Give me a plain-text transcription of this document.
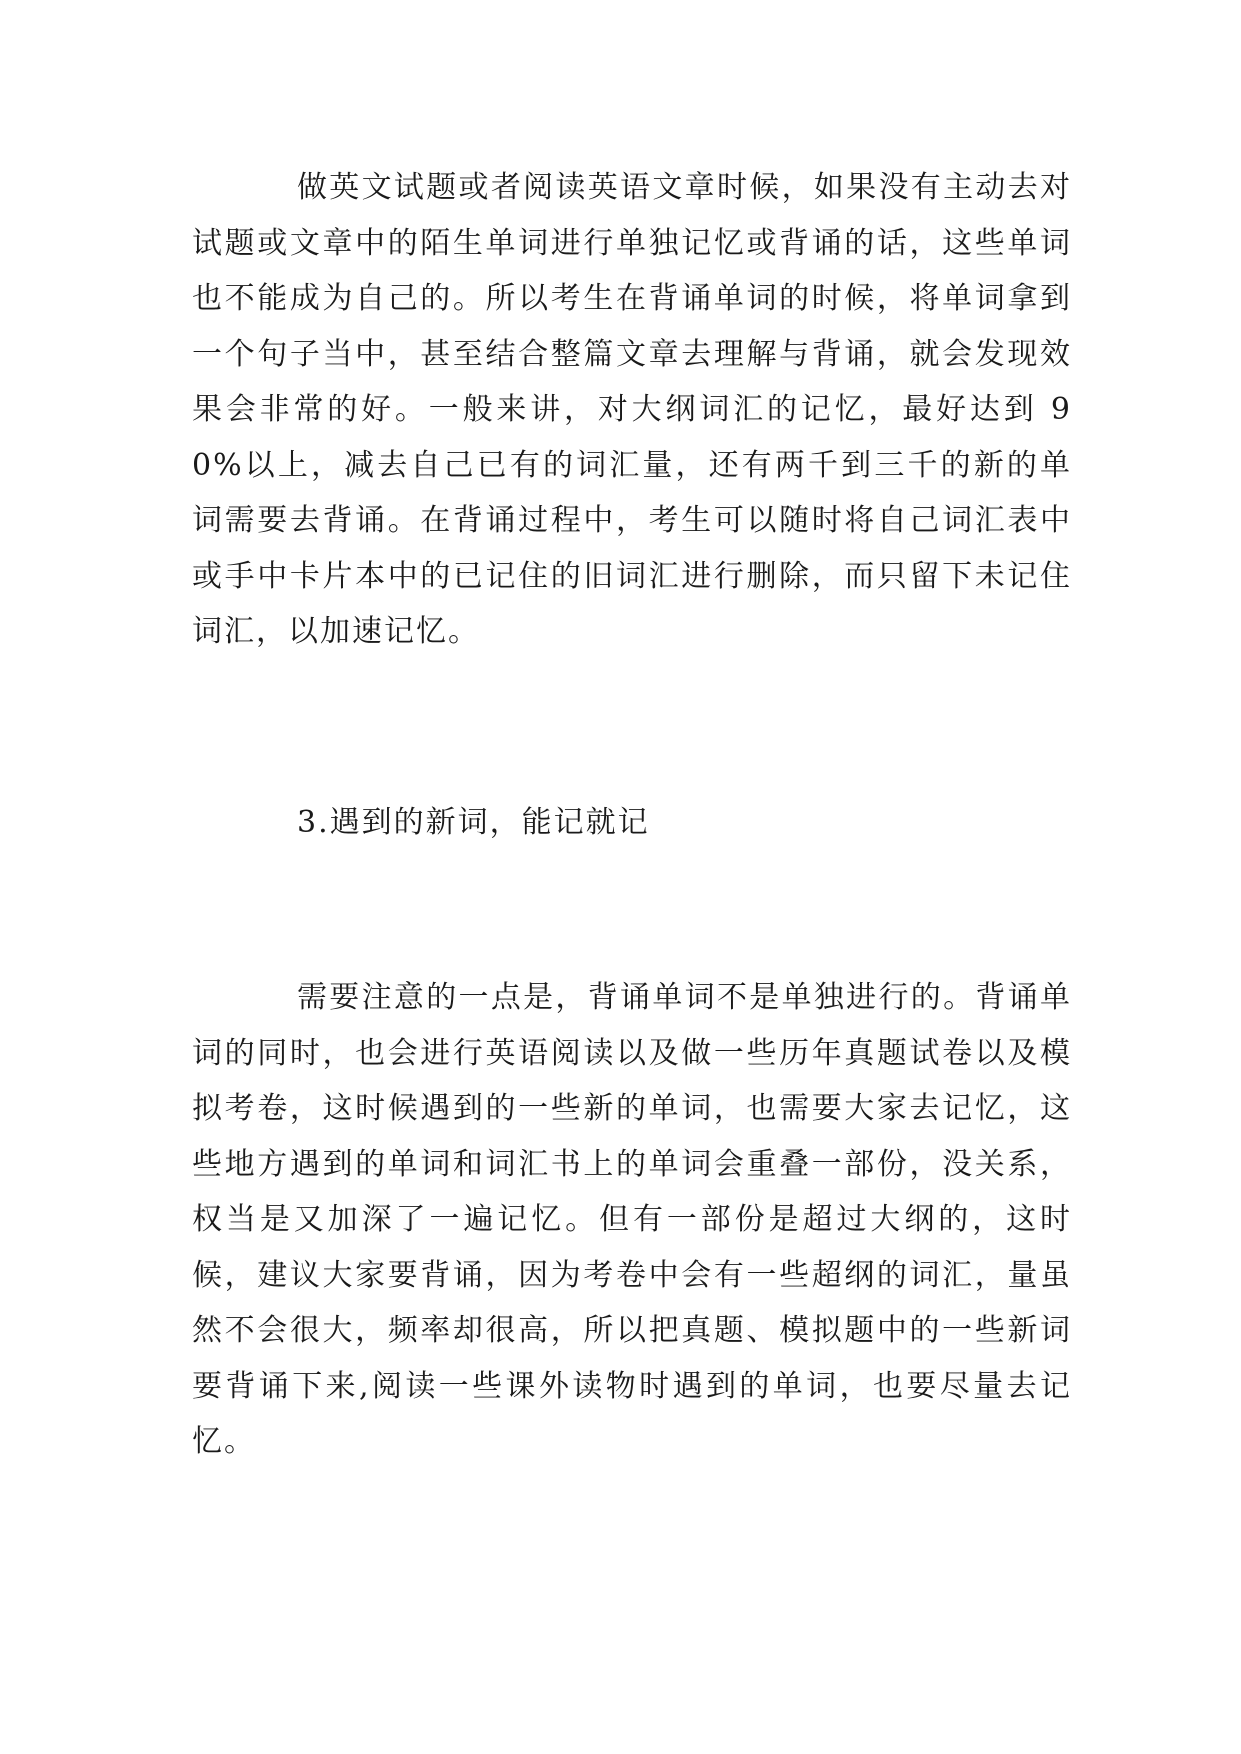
做英文试题或者阅读英语文章时候，如果没有主动去对试题或文章中的陌生单词进行单独记忆或背诵的话，这些单词也不能成为自己的。所以考生在背诵单词的时候，将单词拿到一个句子当中，甚至结合整篇文章去理解与背诵，就会发现效果会非常的好。一般来讲，对大纲词汇的记忆，最好达到 90%以上，减去自己已有的词汇量，还有两千到三千的新的单词需要去背诵。在背诵过程中，考生可以随时将自己词汇表中或手中卡片本中的已记住的旧词汇进行删除，而只留下未记住词汇，以加速记忆。

3.遇到的新词，能记就记

需要注意的一点是，背诵单词不是单独进行的。背诵单词的同时，也会进行英语阅读以及做一些历年真题试卷以及模拟考卷，这时候遇到的一些新的单词，也需要大家去记忆，这些地方遇到的单词和词汇书上的单词会重叠一部份，没关系，权当是又加深了一遍记忆。但有一部份是超过大纲的，这时候，建议大家要背诵，因为考卷中会有一些超纲的词汇，量虽然不会很大，频率却很高，所以把真题、模拟题中的一些新词要背诵下来,阅读一些课外读物时遇到的单词，也要尽量去记忆。
